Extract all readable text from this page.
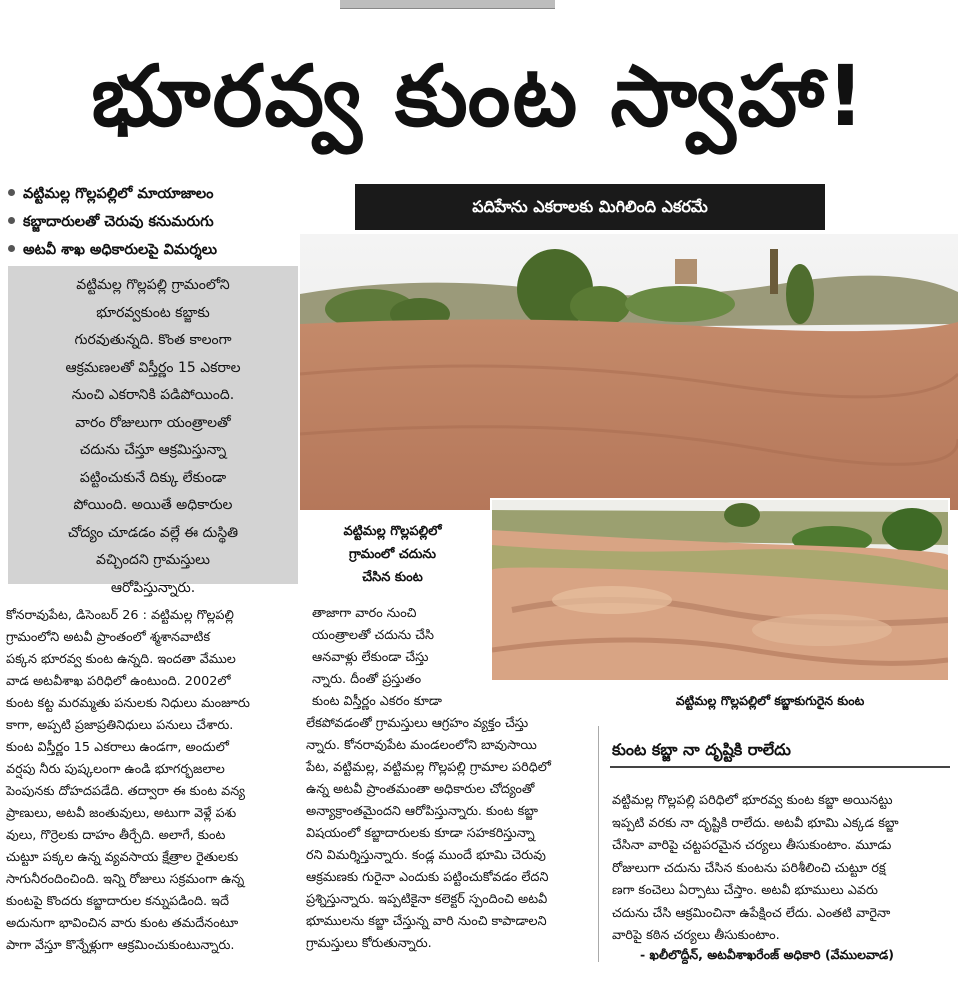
భూరవ్వ కుంట స్వాహా!
వట్టిమల్ల గొల్లపల్లిలో మాయాజాలం
కబ్జాదారులతో చెరువు కనుమరుగు
అటవీ శాఖ అధికారులపై విమర్శలు
పదిహేను ఎకరాలకు మిగిలింది ఎకరమే

వట్టిమల్ల గొల్లపల్లి గ్రామంలోని

భూరవ్వకుంట కబ్జాకు

గురవుతున్నది. కొంత కాలంగా

ఆక్రమణలతో విస్తీర్ణం 15 ఎకరాల

నుంచి ఎకరానికి పడిపోయింది.

వారం రోజులుగా యంత్రాలతో

చదును చేస్తూ ఆక్రమిస్తున్నా

పట్టించుకునే దిక్కు లేకుండా

పోయింది. అయితే అధికారుల

చోద్యం చూడడం వల్లే ఈ దుస్థితి

వచ్చిందని గ్రామస్తులు

ఆరోపిస్తున్నారు.

వట్టిమల్ల గొల్లపల్లిలో

గ్రామంలో చదును

చేసిన కుంట

వట్టిమల్ల గొల్లపల్లిలో కబ్జాకుగురైన కుంట

కోనరావుపేట, డిసెంబర్ 26 : వట్టిమల్ల గొల్లపల్లి

గ్రామంలోని అటవీ ప్రాంతంలో శ్మశానవాటిక

పక్కన భూరవ్వ కుంట ఉన్నది. ఇందతా వేముల

వాడ అటవీశాఖ పరిధిలో ఉంటుంది. 2002లో

కుంట కట్ట మరమ్మతు పనులకు నిధులు మంజూరు

కాగా, అప్పటి ప్రజాప్రతినిధులు పనులు చేశారు.

కుంట విస్తీర్ణం 15 ఎకరాలు ఉండగా, అందులో

వర్షపు నీరు పుష్కలంగా ఉండి భూగర్భజలాల

పెంపునకు దోహదపడేది. తద్వారా ఈ కుంట వన్య

ప్రాణులు, అటవీ జంతువులు, అటుగా వెళ్లే పశు

వులు, గొర్రెలకు దాహం తీర్చేది. అలాగే, కుంట

చుట్టూ పక్కల ఉన్న వ్యవసాయ క్షేత్రాల రైతులకు

సాగునీరందించింది. ఇన్ని రోజులు సక్రమంగా ఉన్న

కుంటపై కొందరు కబ్జాదారుల కన్నుపడింది. ఇదే

అదునుగా భావించిన వారు కుంట తమదేనంటూ

పాగా వేస్తూ కొన్నేళ్లుగా ఆక్రమించుకుంటున్నారు.

తాజాగా వారం నుంచి

యంత్రాలతో చదును చేసి

ఆనవాళ్లు లేకుండా చేస్తు

న్నారు. దీంతో ప్రస్తుతం

కుంట విస్తీర్ణం ఎకరం కూడా

లేకపోవడంతో గ్రామస్తులు ఆగ్రహం వ్యక్తం చేస్తు

న్నారు. కోనరావుపేట మండలంలోని బావుసాయి

పేట, వట్టిమల్ల, వట్టిమల్ల గొల్లపల్లి గ్రామాల పరిధిలో

ఉన్న అటవీ ప్రాంతమంతా అధికారుల చోద్యంతో

అన్యాక్రాంతమైందని ఆరోపిస్తున్నారు. కుంట కబ్జా

విషయంలో కబ్జాదారులకు కూడా సహకరిస్తున్నా

రని విమర్శిస్తున్నారు. కండ్ల ముందే భూమి చెరువు

ఆక్రమణకు గురైనా ఎందుకు పట్టించుకోవడం లేదని

ప్రశ్నిస్తున్నారు. ఇప్పటికైనా కలెక్టర్ స్పందించి అటవీ

భూములను కబ్జా చేస్తున్న వారి నుంచి కాపాడాలని

గ్రామస్తులు కోరుతున్నారు.

కుంట కబ్జా నా దృష్టికి రాలేదు

వట్టిమల్ల గొల్లపల్లి పరిధిలో భూరవ్వ కుంట కబ్జా అయినట్టు

ఇప్పటి వరకు నా దృష్టికి రాలేదు. అటవీ భూమి ఎక్కడ కబ్జా

చేసినా వారిపై చట్టపరమైన చర్యలు తీసుకుంటాం. మూడు

రోజులుగా చదును చేసిన కుంటను పరిశీలించి చుట్టూ రక్ష

ణగా కంచెలు ఏర్పాటు చేస్తాం. అటవీ భూములు ఎవరు

చదును చేసి ఆక్రమించినా ఉపేక్షించ లేదు. ఎంతటి వారైనా

వారిపై కఠిన చర్యలు తీసుకుంటాం.

- ఖలీలొద్దీన్, అటవీశాఖరేంజ్ అధికారి (వేములవాడ)
